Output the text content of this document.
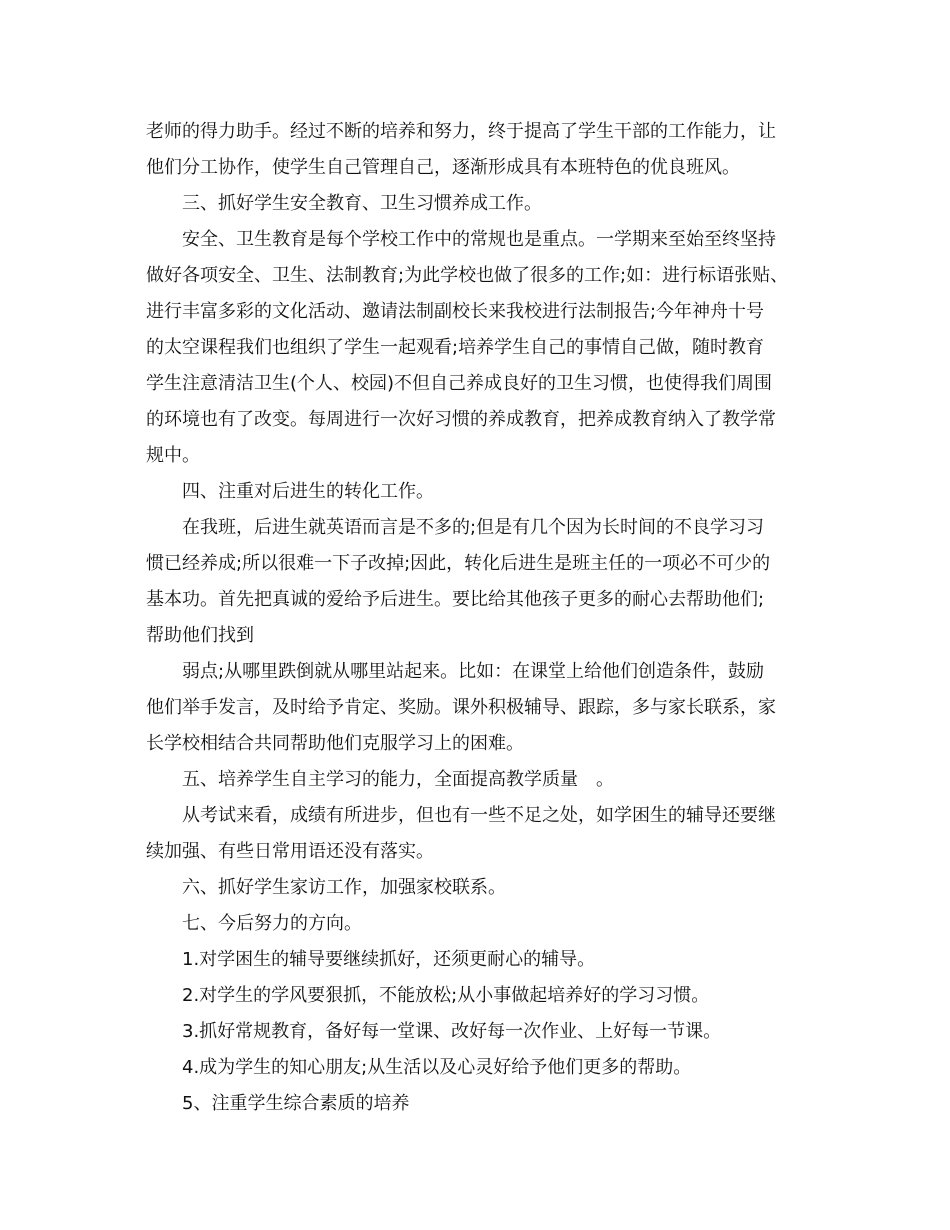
老师的得力助手。经过不断的培养和努力，终于提高了学生干部的工作能力，让

他们分工协作，使学生自己管理自己，逐渐形成具有本班特色的优良班风。

三、抓好学生安全教育、卫生习惯养成工作。

安全、卫生教育是每个学校工作中的常规也是重点。一学期来至始至终坚持

做好各项安全、卫生、法制教育;为此学校也做了很多的工作;如：进行标语张贴、

进行丰富多彩的文化活动、邀请法制副校长来我校进行法制报告;今年神舟十号

的太空课程我们也组织了学生一起观看;培养学生自己的事情自己做，随时教育

学生注意清洁卫生(个人、校园)不但自己养成良好的卫生习惯，也使得我们周围

的环境也有了改变。每周进行一次好习惯的养成教育，把养成教育纳入了教学常

规中。

四、注重对后进生的转化工作。

在我班，后进生就英语而言是不多的;但是有几个因为长时间的不良学习习

惯已经养成;所以很难一下子改掉;因此，转化后进生是班主任的一项必不可少的

基本功。首先把真诚的爱给予后进生。要比给其他孩子更多的耐心去帮助他们;

帮助他们找到

弱点;从哪里跌倒就从哪里站起来。比如：在课堂上给他们创造条件，鼓励

他们举手发言，及时给予肯定、奖励。课外积极辅导、跟踪，多与家长联系，家

长学校相结合共同帮助他们克服学习上的困难。

五、培养学生自主学习的能力，全面提高教学质量　。

从考试来看，成绩有所进步，但也有一些不足之处，如学困生的辅导还要继

续加强、有些日常用语还没有落实。

六、抓好学生家访工作，加强家校联系。

七、今后努力的方向。

1.对学困生的辅导要继续抓好，还须更耐心的辅导。

2.对学生的学风要狠抓，不能放松;从小事做起培养好的学习习惯。

3.抓好常规教育，备好每一堂课、改好每一次作业、上好每一节课。

4.成为学生的知心朋友;从生活以及心灵好给予他们更多的帮助。

5、注重学生综合素质的培养
